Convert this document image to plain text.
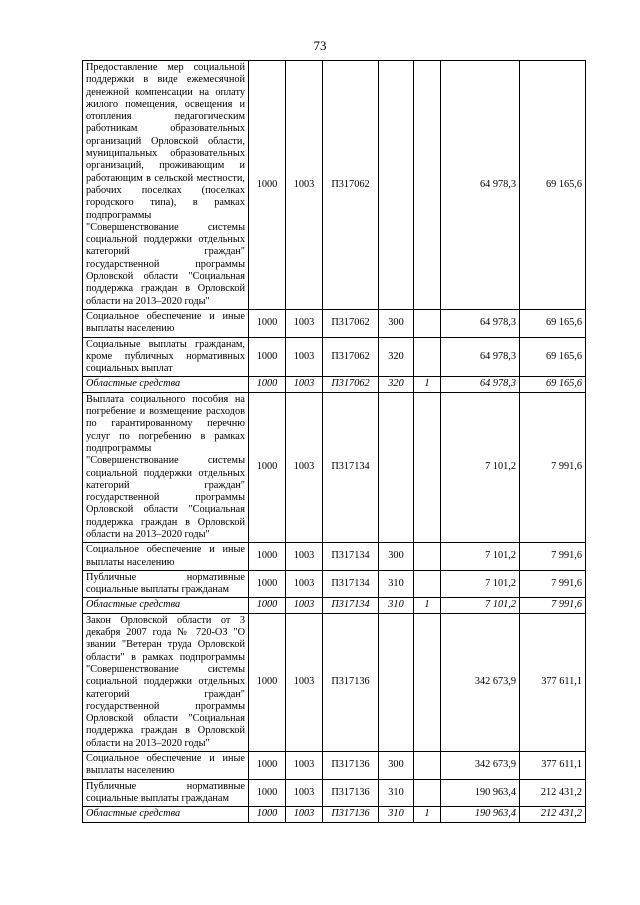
73
Предоставление мер социальной поддержки в виде ежемесячной денежной компенсации на оплату жилого помещения, освещения и отопления педагогическим работникам образовательных организаций Орловской области, муниципальных образовательных организаций, проживающим и работающим в сельской местности, рабочих поселках (поселках городского типа), в рамках подпрограммы "Совершенствование системы социальной поддержки отдельных категорий граждан" государственной программы Орловской области "Социальная поддержка граждан в Орловской области на 2013–2020 годы"	1000	1003	П317062			64 978,3	69 165,6
Социальное обеспечение и иные выплаты населению	1000	1003	П317062	300		64 978,3	69 165,6
Социальные выплаты гражданам, кроме публичных нормативных социальных выплат	1000	1003	П317062	320		64 978,3	69 165,6
Областные средства	1000	1003	П317062	320	1	64 978,3	69 165,6
Выплата социального пособия на погребение и возмещение расходов по гарантированному перечню услуг по погребению в рамках подпрограммы "Совершенствование системы социальной поддержки отдельных категорий граждан" государственной программы Орловской области "Социальная поддержка граждан в Орловской области на 2013–2020 годы"	1000	1003	П317134			7 101,2	7 991,6
Социальное обеспечение и иные выплаты населению	1000	1003	П317134	300		7 101,2	7 991,6
Публичные нормативные социальные выплаты гражданам	1000	1003	П317134	310		7 101,2	7 991,6
Областные средства	1000	1003	П317134	310	1	7 101,2	7 991,6
Закон Орловской области от 3 декабря 2007 года № 720-ОЗ "О звании "Ветеран труда Орловской области" в рамках подпрограммы "Совершенствование системы социальной поддержки отдельных категорий граждан" государственной программы Орловской области "Социальная поддержка граждан в Орловской области на 2013–2020 годы"	1000	1003	П317136			342 673,9	377 611,1
Социальное обеспечение и иные выплаты населению	1000	1003	П317136	300		342 673,9	377 611,1
Публичные нормативные социальные выплаты гражданам	1000	1003	П317136	310		190 963,4	212 431,2
Областные средства	1000	1003	П317136	310	1	190 963,4	212 431,2
